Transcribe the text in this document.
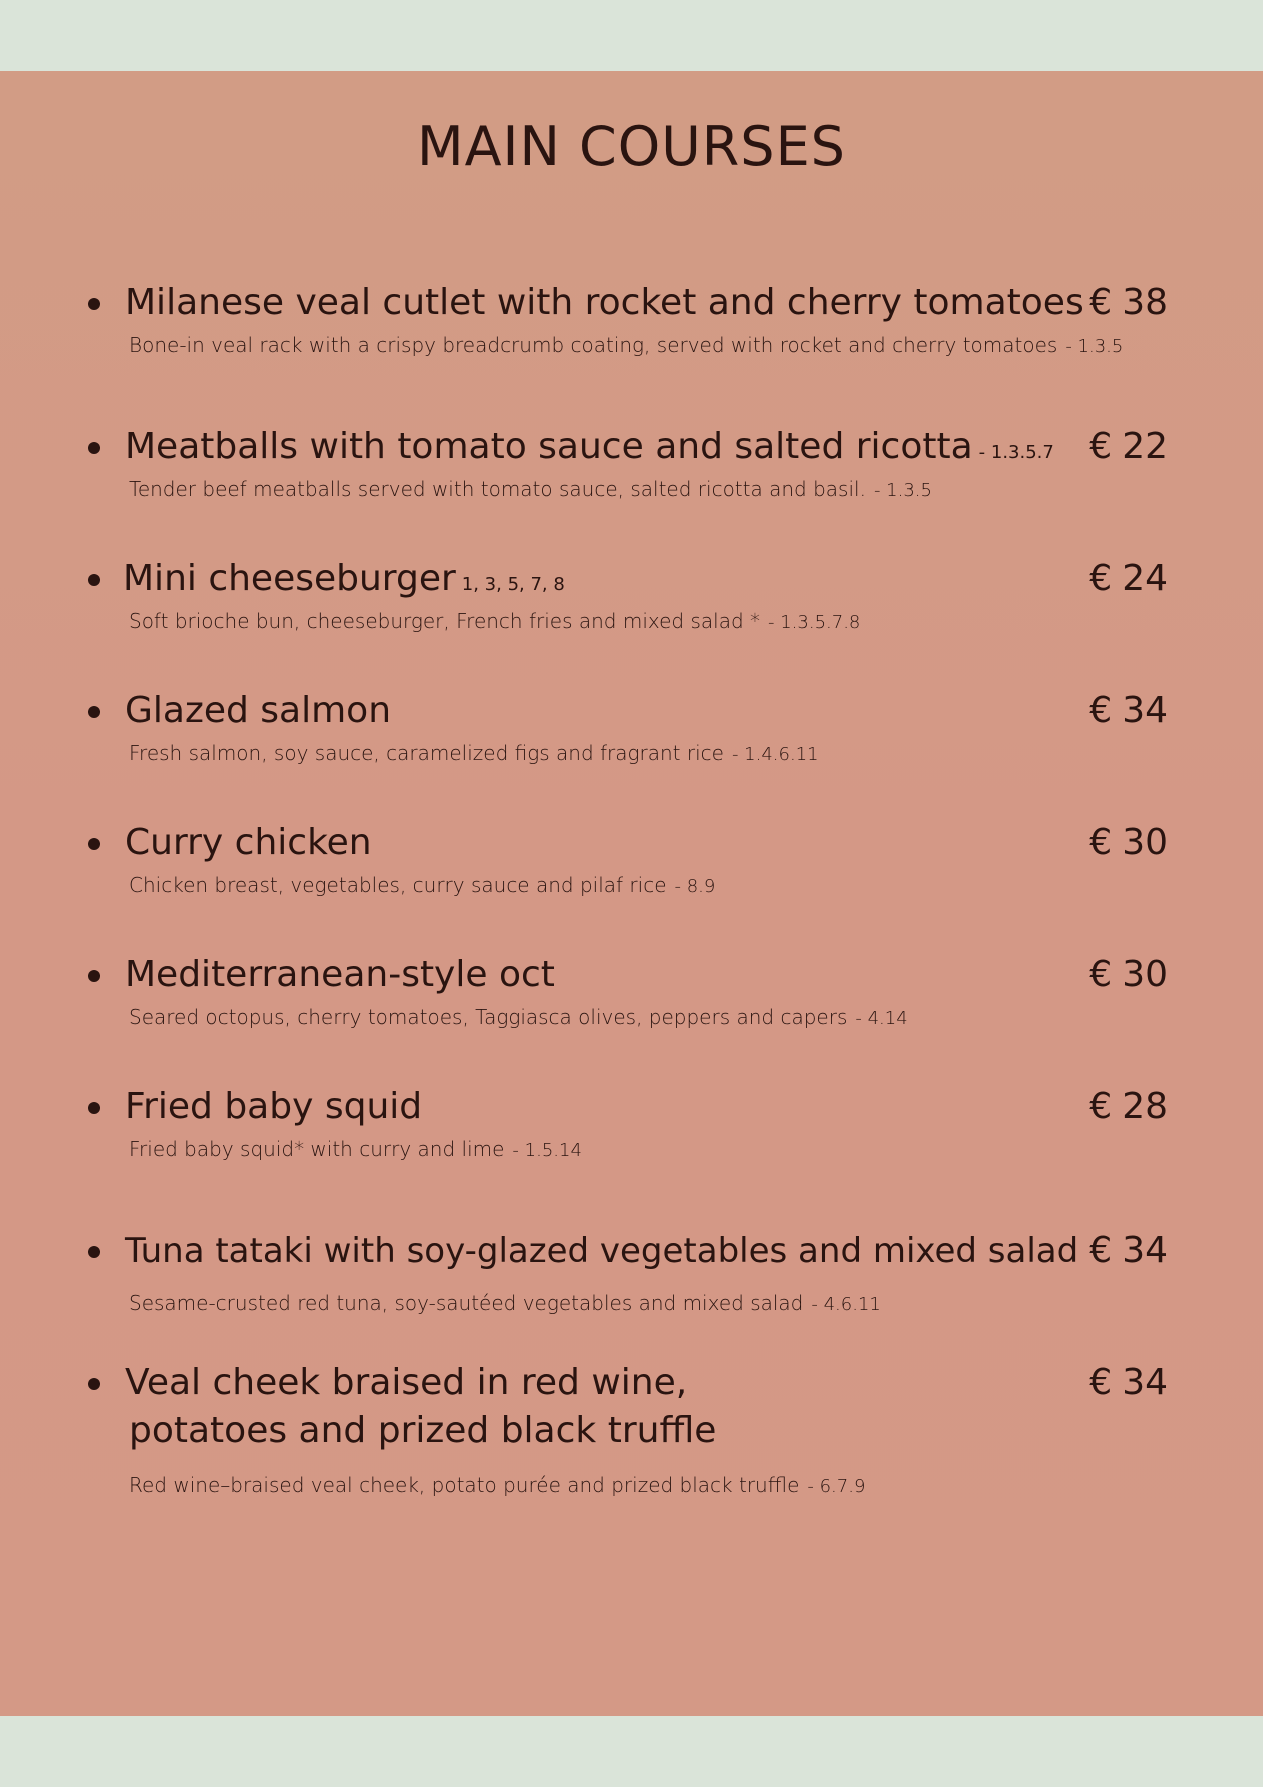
MAIN COURSES
Milanese veal cutlet with rocket and cherry tomatoes € 38
Bone-in veal rack with a crispy breadcrumb coating, served with rocket and cherry tomatoes - 1.3.5
Meatballs with tomato sauce and salted ricotta - 1.3.5.7 € 22
Tender beef meatballs served with tomato sauce, salted ricotta and basil. - 1.3.5
Mini cheeseburger 1, 3, 5, 7, 8	€ 24
Soft brioche bun, cheeseburger, French fries and mixed salad * - 1.3.5.7.8
Glazed salmon	€ 34
Fresh salmon, soy sauce, caramelized figs and fragrant rice - 1.4.6.11
Curry chicken	€ 30
Chicken breast, vegetables, curry sauce and pilaf rice - 8.9
Mediterranean-style oct	€ 30
Seared octopus, cherry tomatoes, Taggiasca olives, peppers and capers - 4.14
Fried baby squid	€ 28
Fried baby squid* with curry and lime - 1.5.14
Tuna tataki with soy-glazed vegetables and mixed salad € 34
Sesame-crusted red tuna, soy-sautéed vegetables and mixed salad - 4.6.11
Veal cheek braised in red wine,
potatoes and prized black truffle
€ 34
Red wine–braised veal cheek, potato purée and prized black truffle - 6.7.9
